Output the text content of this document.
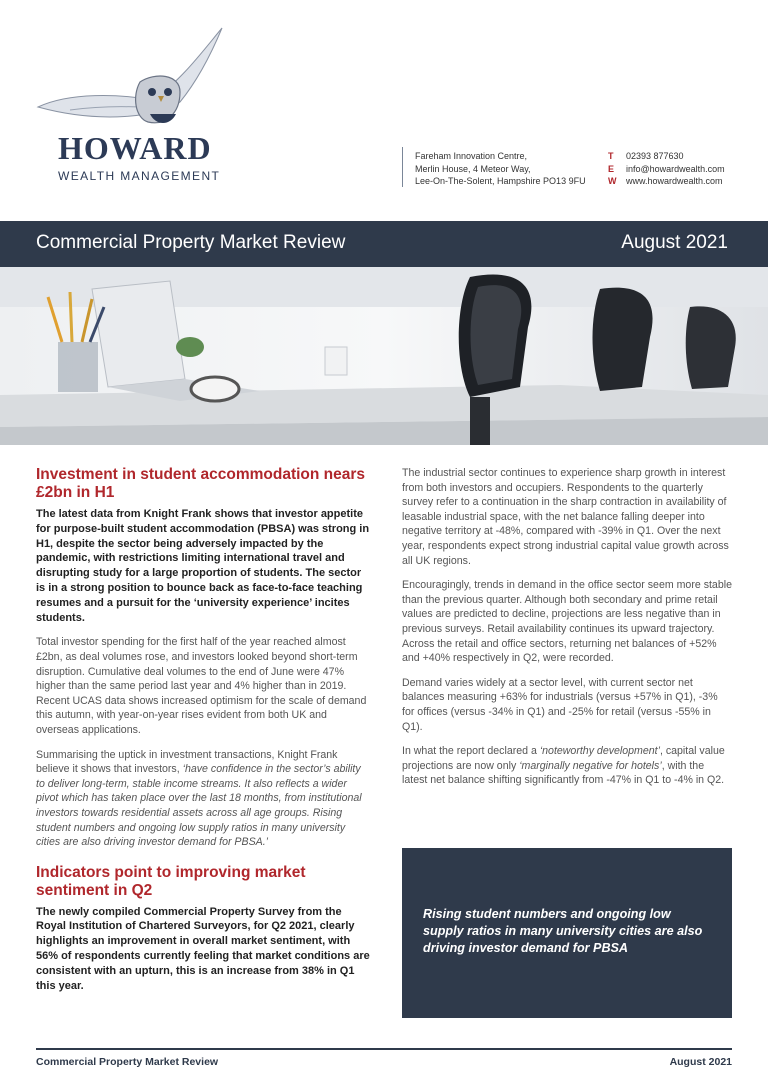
HOWARD
WEALTH MANAGEMENT
Fareham Innovation Centre,
Merlin House, 4 Meteor Way,
Lee-On-The-Solent, Hampshire PO13 9FU
T 02393 877630
E info@howardwealth.com
W www.howardwealth.com
Commercial Property Market Review	August 2021
Investment in student accommodation nears £2bn in H1

The latest data from Knight Frank shows that investor appetite for purpose-built student accommodation (PBSA) was strong in H1, despite the sector being adversely impacted by the pandemic, with restrictions limiting international travel and disrupting study for a large proportion of students. The sector is in a strong position to bounce back as face-to-face teaching resumes and a pursuit for the ‘university experience’ incites students.

Total investor spending for the first half of the year reached almost £2bn, as deal volumes rose, and investors looked beyond short-term disruption. Cumulative deal volumes to the end of June were 47% higher than the same period last year and 4% higher than in 2019. Recent UCAS data shows increased optimism for the scale of demand this autumn, with year-on-year rises evident from both UK and overseas applications.

Summarising the uptick in investment transactions, Knight Frank believe it shows that investors, ‘have confidence in the sector’s ability to deliver long-term, stable income streams. It also reflects a wider pivot which has taken place over the last 18 months, from institutional investors towards residential assets across all age groups. Rising student numbers and ongoing low supply ratios in many university cities are also driving investor demand for PBSA.’

Indicators point to improving market sentiment in Q2

The newly compiled Commercial Property Survey from the Royal Institution of Chartered Surveyors, for Q2 2021, clearly highlights an improvement in overall market sentiment, with 56% of respondents currently feeling that market conditions are consistent with an upturn, this is an increase from 38% in Q1 this year.

The industrial sector continues to experience sharp growth in interest from both investors and occupiers. Respondents to the quarterly survey refer to a continuation in the sharp contraction in availability of leasable industrial space, with the net balance falling deeper into negative territory at -48%, compared with -39% in Q1. Over the next year, respondents expect strong industrial capital value growth across all UK regions.

Encouragingly, trends in demand in the office sector seem more stable than the previous quarter. Although both secondary and prime retail values are predicted to decline, projections are less negative than in previous surveys. Retail availability continues its upward trajectory. Across the retail and office sectors, returning net balances of +52% and +40% respectively in Q2, were recorded.

Demand varies widely at a sector level, with current sector net balances measuring +63% for industrials (versus +57% in Q1), -3% for offices (versus -34% in Q1) and -25% for retail (versus -55% in Q1).

In what the report declared a ‘noteworthy development’, capital value projections are now only ‘marginally negative for hotels’, with the latest net balance shifting significantly from -47% in Q1 to -4% in Q2.

Rising student numbers and ongoing low supply ratios in many university cities are also driving investor demand for PBSA
Commercial Property Market Review	August 2021
